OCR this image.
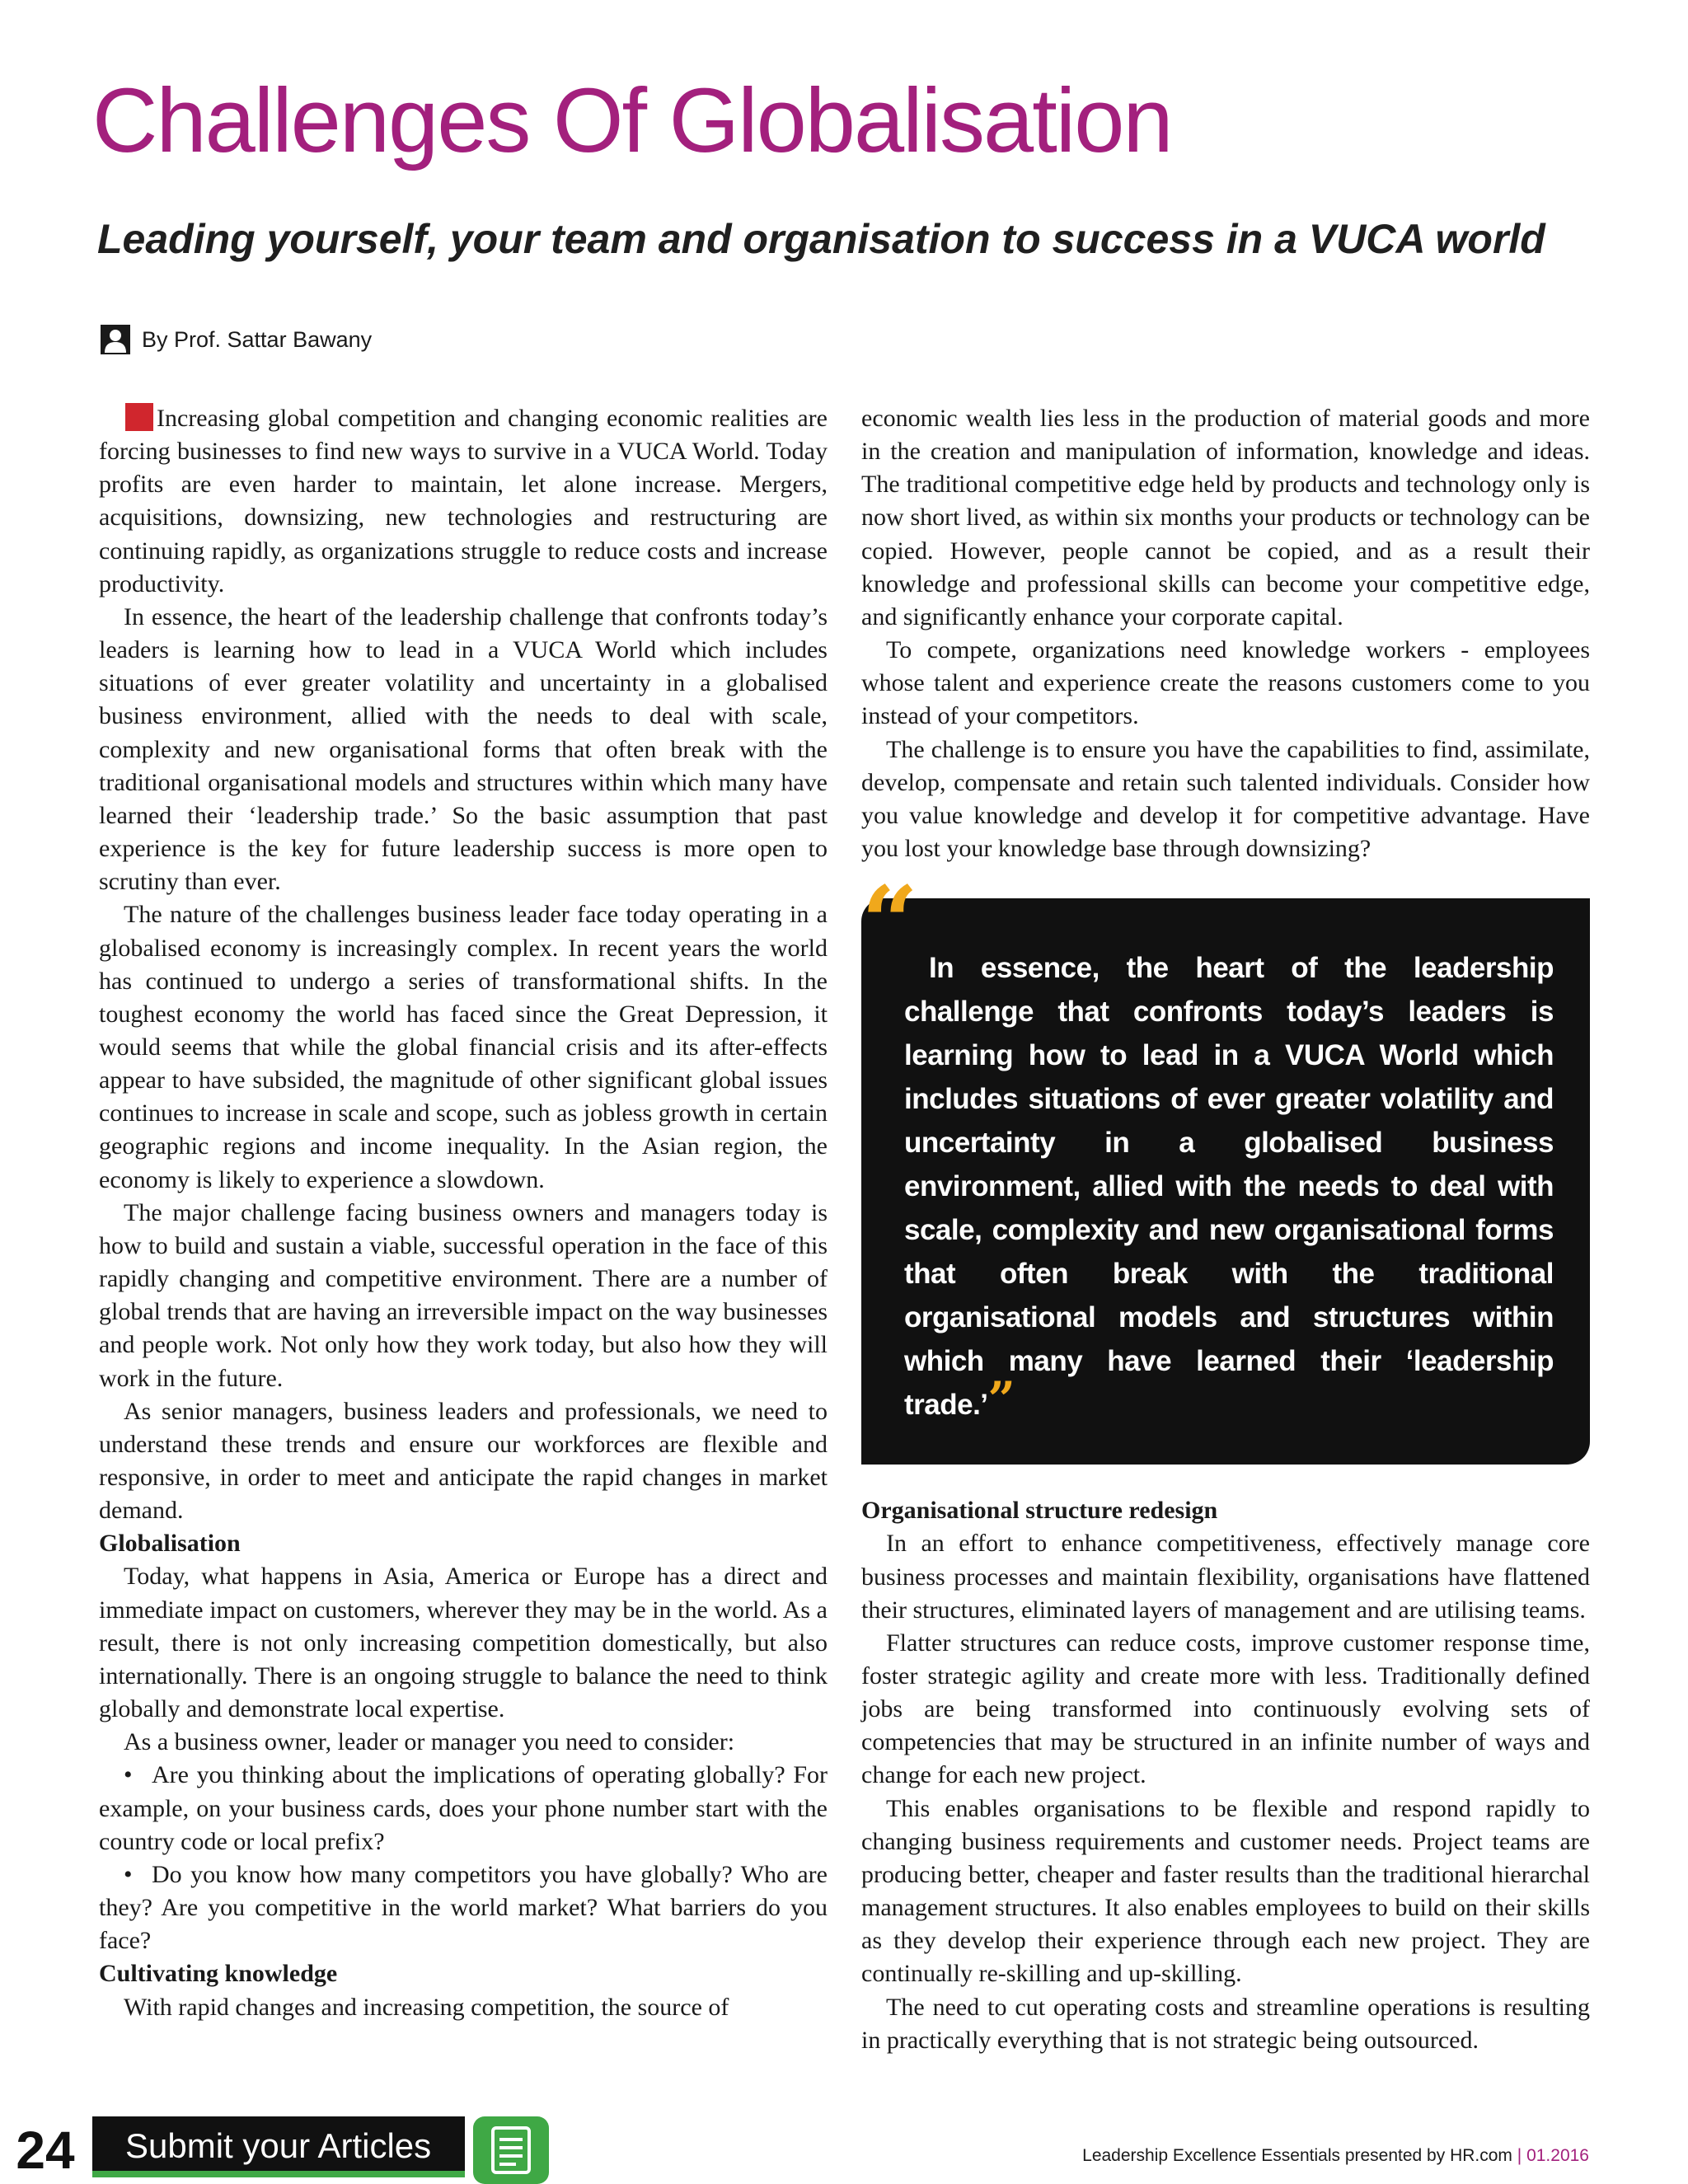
Challenges Of Globalisation
Leading yourself, your team and organisation to success in a VUCA world
By Prof. Sattar Bawany

Increasing global competition and changing economic realities are forcing businesses to find new ways to survive in a VUCA World. Today profits are even harder to maintain, let alone increase. Mergers, acquisitions, downsizing, new technologies and restructuring are continuing rapidly, as organizations struggle to reduce costs and increase productivity.

In essence, the heart of the leadership challenge that confronts today’s leaders is learning how to lead in a VUCA World which includes situations of ever greater volatility and uncertainty in a globalised business environment, allied with the needs to deal with scale, complexity and new organisational forms that often break with the traditional organisational models and structures within which many have learned their ‘leadership trade.’ So the basic assumption that past experience is the key for future leadership success is more open to scrutiny than ever.

The nature of the challenges business leader face today operating in a globalised economy is increasingly complex. In recent years the world has continued to undergo a series of transformational shifts. In the toughest economy the world has faced since the Great Depression, it would seems that while the global financial crisis and its after-effects appear to have subsided, the magnitude of other significant global issues continues to increase in scale and scope, such as jobless growth in certain geographic regions and income inequality. In the Asian region, the economy is likely to experience a slowdown.

The major challenge facing business owners and managers today is how to build and sustain a viable, successful operation in the face of this rapidly changing and competitive environment. There are a number of global trends that are having an irreversible impact on the way businesses and people work. Not only how they work today, but also how they will work in the future.

As senior managers, business leaders and professionals, we need to understand these trends and ensure our workforces are flexible and responsive, in order to meet and anticipate the rapid changes in market demand.

Globalisation

Today, what happens in Asia, America or Europe has a direct and immediate impact on customers, wherever they may be in the world. As a result, there is not only increasing competition domestically, but also internationally. There is an ongoing struggle to balance the need to think globally and demonstrate local expertise.

As a business owner, leader or manager you need to consider:

• Are you thinking about the implications of operating globally? For example, on your business cards, does your phone number start with the country code or local prefix?

• Do you know how many competitors you have globally? Who are they? Are you competitive in the world market? What barriers do you face?

Cultivating knowledge

With rapid changes and increasing competition, the source of

economic wealth lies less in the production of material goods and more in the creation and manipulation of information, knowledge and ideas. The traditional competitive edge held by products and technology only is now short lived, as within six months your products or technology can be copied. However, people cannot be copied, and as a result their knowledge and professional skills can become your competitive edge, and significantly enhance your corporate capital.

To compete, organizations need knowledge workers - employees whose talent and experience create the reasons customers come to you instead of your competitors.

The challenge is to ensure you have the capabilities to find, assimilate, develop, compensate and retain such talented individuals. Consider how you value knowledge and develop it for competitive advantage. Have you lost your knowledge base through downsizing?

“ In essence, the heart of the leadership challenge that confronts today’s leaders is learning how to lead in a VUCA World which includes situations of ever greater volatility and uncertainty in a globalised business environment, allied with the needs to deal with scale, complexity and new organisational forms that often break with the traditional organisational models and structures within which many have learned their ‘leadership trade.’”

Organisational structure redesign

In an effort to enhance competitiveness, effectively manage core business processes and maintain flexibility, organisations have flattened their structures, eliminated layers of management and are utilising teams.

Flatter structures can reduce costs, improve customer response time, foster strategic agility and create more with less. Traditionally defined jobs are being transformed into continuously evolving sets of competencies that may be structured in an infinite number of ways and change for each new project.

This enables organisations to be flexible and respond rapidly to changing business requirements and customer needs. Project teams are producing better, cheaper and faster results than the traditional hierarchal management structures. It also enables employees to build on their skills as they develop their experience through each new project. They are continually re-skilling and up-skilling.

The need to cut operating costs and streamline operations is resulting in practically everything that is not strategic being outsourced.

24	Submit your Articles	Leadership Excellence Essentials presented by HR.com | 01.2016
